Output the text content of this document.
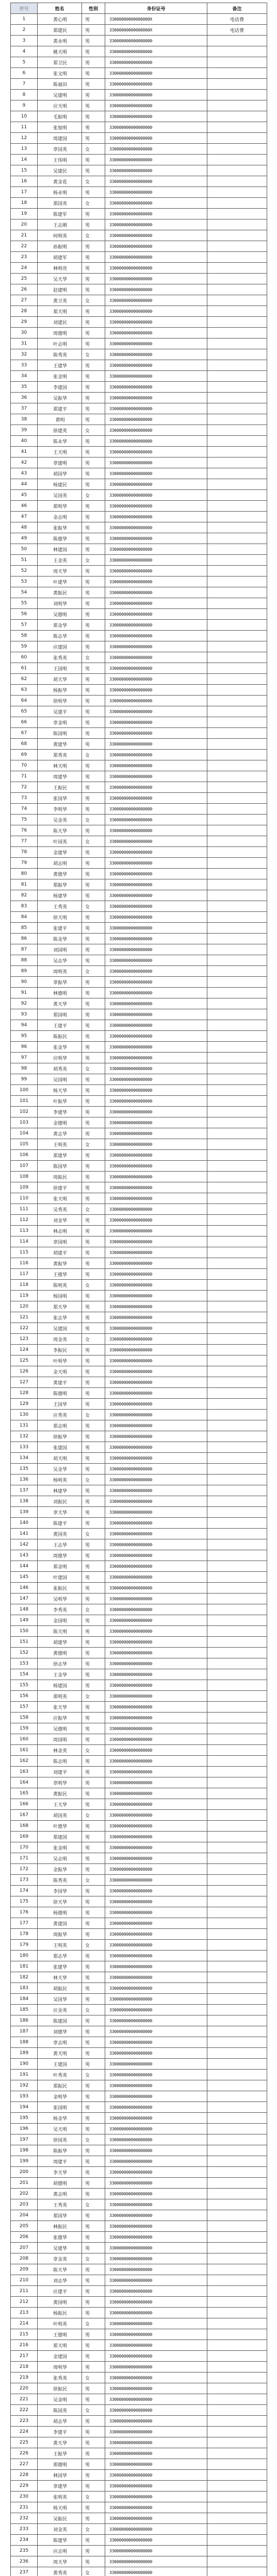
序号	姓名	性别	身份证号	备注
1	黄心明	男	33000000000000000X	电话费
2	郑建民	男	33000000000000000X	电话费
3	黄永明	男	330000000000000000	
4	姚天明	男	330000000000000000	
5	郑卫民	男	330000000000000000	
6	张文明	男	330000000000000000	
7	陈福田	男	330000000000000000	
8	吴建明	男	330000000000000000	
9	应天明	男	330000000000000000	
10	毛振明	男	330000000000000000	
11	张旭明	男	330000000000000000	
12	周建国	男	330000000000000000	
13	章国英	女	330000000000000000	
14	王伟明	男	330000000000000000	
15	吴建民	男	330000000000000000	
16	黄金花	女	330000000000000000	
17	杨永明	男	330000000000000000	
18	郑国英	女	330000000000000000	
19	陈建军	男	330000000000000000	
20	王志刚	男	330000000000000000	
21	何明英	女	330000000000000000	
22	孙振明	男	330000000000000000	
23	胡建军	男	330000000000000000	
24	林明亮	男	330000000000000000	
25	吴天华	男	330000000000000000	
26	赵建明	男	330000000000000000	
27	黄卫英	女	330000000000000000	
28	郑天明	男	330000000000000000	
29	刘建民	男	330000000000000000	
30	周德明	男	330000000000000000	
31	叶志明	男	330000000000000000	
32	陈秀英	女	330000000000000000	
33	王建华	男	330000000000000000	
34	张金明	男	330000000000000000	
35	李建国	男	330000000000000000	
36	吴振华	男	330000000000000000	
37	郑建平	男	330000000000000000	
38	黄明	男	330000000000000000	
39	徐建英	女	330000000000000000	
40	陈永华	男	330000000000000000	
41	王天明	男	330000000000000000	
42	章建明	男	330000000000000000	
43	胡国华	男	330000000000000000	
44	杨建民	男	330000000000000000	
45	吴国英	女	330000000000000000	
46	郑明华	男	330000000000000000	
47	金志明	男	330000000000000000	
48	张振华	男	330000000000000000	
49	陈德华	男	330000000000000000	
50	林建国	男	330000000000000000	
51	王金英	女	330000000000000000	
52	周天华	男	330000000000000000	
53	叶建华	男	330000000000000000	
54	黄振民	男	330000000000000000	
55	刘明华	男	330000000000000000	
56	吴德明	男	330000000000000000	
57	郑金华	男	330000000000000000	
58	陈志华	男	330000000000000000	
59	应建国	男	330000000000000000	
60	张秀英	女	330000000000000000	
61	王国明	男	330000000000000000	
62	胡天华	男	330000000000000000	
63	杨振华	男	330000000000000000	
64	徐明华	男	330000000000000000	
65	吴建平	男	330000000000000000	
66	章金明	男	330000000000000000	
67	陈国明	男	330000000000000000	
68	黄建华	男	330000000000000000	
69	郑秀英	女	330000000000000000	
70	林天明	男	330000000000000000	
71	周建华	男	330000000000000000	
72	王振民	男	330000000000000000	
73	张国华	男	330000000000000000	
74	李明华	男	330000000000000000	
75	吴金英	女	330000000000000000	
76	陈天华	男	330000000000000000	
77	叶国英	女	330000000000000000	
78	金建华	男	330000000000000000	
79	胡志明	男	330000000000000000	
80	黄德华	男	330000000000000000	
81	郑振华	男	330000000000000000	
82	杨建华	男	330000000000000000	
83	王秀英	女	330000000000000000	
84	徐天明	男	330000000000000000	
85	张建平	男	330000000000000000	
86	陈金华	男	330000000000000000	
87	刘国明	男	330000000000000000	
88	吴志华	男	330000000000000000	
89	周明英	女	330000000000000000	
90	章振华	男	330000000000000000	
91	林德明	男	330000000000000000	
92	黄天华	男	330000000000000000	
93	郑国明	男	330000000000000000	
94	王建平	男	330000000000000000	
95	陈振民	男	330000000000000000	
96	张金华	男	330000000000000000	
97	应明华	男	330000000000000000	
98	胡秀英	女	330000000000000000	
99	吴国明	男	330000000000000000	
100	杨天华	男	330000000000000000	
101	叶振华	男	330000000000000000	
102	李建华	男	330000000000000000	
103	金德明	男	330000000000000000	
104	黄志华	男	330000000000000000	
105	王明英	女	330000000000000000	
106	郑建华	男	330000000000000000	
107	陈国华	男	330000000000000000	
108	周振民	男	330000000000000000	
109	徐建平	男	330000000000000000	
110	张天明	男	330000000000000000	
111	吴秀英	女	330000000000000000	
112	刘金华	男	330000000000000000	
113	林志明	男	330000000000000000	
114	章国明	男	330000000000000000	
115	胡建平	男	330000000000000000	
116	黄振华	男	330000000000000000	
117	王德华	男	330000000000000000	
118	陈明英	女	330000000000000000	
119	杨国明	男	330000000000000000	
120	郑天华	男	330000000000000000	
121	张志华	男	330000000000000000	
122	吴建国	男	330000000000000000	
123	周金英	女	330000000000000000	
124	李振民	男	330000000000000000	
125	叶明华	男	330000000000000000	
126	金天明	男	330000000000000000	
127	黄建平	男	330000000000000000	
128	陈德明	男	330000000000000000	
129	王国华	男	330000000000000000	
130	应秀英	女	330000000000000000	
131	郑志明	男	330000000000000000	
132	徐振华	男	330000000000000000	
133	张建国	男	330000000000000000	
134	胡天明	男	330000000000000000	
135	吴金华	男	330000000000000000	
136	杨明英	女	330000000000000000	
137	林建华	男	330000000000000000	
138	刘振民	男	330000000000000000	
139	章天华	男	330000000000000000	
140	陈建平	男	330000000000000000	
141	黄国英	女	330000000000000000	
142	王志华	男	330000000000000000	
143	周德华	男	330000000000000000	
144	郑金明	男	330000000000000000	
145	叶建国	男	330000000000000000	
146	张振民	男	330000000000000000	
147	吴明华	男	330000000000000000	
148	李秀英	女	330000000000000000	
149	金国明	男	330000000000000000	
150	陈天明	男	330000000000000000	
151	胡建华	男	330000000000000000	
152	黄德明	男	330000000000000000	
153	徐志华	男	330000000000000000	
154	王金华	男	330000000000000000	
155	杨建国	男	330000000000000000	
156	郑明英	女	330000000000000000	
157	张天华	男	330000000000000000	
158	应振华	男	330000000000000000	
159	吴德明	男	330000000000000000	
160	周国明	男	330000000000000000	
161	林金英	女	330000000000000000	
162	陈志明	男	330000000000000000	
163	刘建平	男	330000000000000000	
164	章明华	男	330000000000000000	
165	黄振民	男	330000000000000000	
166	王天华	男	330000000000000000	
167	胡国英	女	330000000000000000	
168	叶德华	男	330000000000000000	
169	郑建国	男	330000000000000000	
170	张金明	男	330000000000000000	
171	吴志明	男	330000000000000000	
172	金振华	男	330000000000000000	
173	陈秀英	女	330000000000000000	
174	李国华	男	330000000000000000	
175	徐天华	男	330000000000000000	
176	杨德明	男	330000000000000000	
177	黄建国	男	330000000000000000	
178	周振华	男	330000000000000000	
179	王明英	女	330000000000000000	
180	郑志华	男	330000000000000000	
181	张建华	男	330000000000000000	
182	林天华	男	330000000000000000	
183	胡振民	男	330000000000000000	
184	吴国华	男	330000000000000000	
185	应金英	女	330000000000000000	
186	陈建国	男	330000000000000000	
187	刘德华	男	330000000000000000	
188	章志明	男	330000000000000000	
189	黄天明	男	330000000000000000	
190	王建国	男	330000000000000000	
191	叶秀英	女	330000000000000000	
192	郑振民	男	330000000000000000	
193	金明华	男	330000000000000000	
194	张国明	男	330000000000000000	
195	杨金华	男	330000000000000000	
196	吴天明	男	330000000000000000	
197	徐国英	女	330000000000000000	
198	陈振华	男	330000000000000000	
199	周建平	男	330000000000000000	
200	李天华	男	330000000000000000	
201	胡德明	男	330000000000000000	
202	黄志明	男	330000000000000000	
203	王秀英	女	330000000000000000	
204	郑国华	男	330000000000000000	
205	林振民	男	330000000000000000	
206	张德华	男	330000000000000000	
207	吴建华	男	330000000000000000	
208	章金英	女	330000000000000000	
209	陈天华	男	330000000000000000	
210	刘志华	男	330000000000000000	
211	应建平	男	330000000000000000	
212	黄国明	男	330000000000000000	
213	杨振民	男	330000000000000000	
214	叶明英	女	330000000000000000	
215	王德明	男	330000000000000000	
216	郑天明	男	330000000000000000	
217	金建国	男	330000000000000000	
218	周明华	男	330000000000000000	
219	张秀英	女	330000000000000000	
220	徐振民	男	330000000000000000	
221	吴金明	男	330000000000000000	
222	陈国英	女	330000000000000000	
223	胡志华	男	330000000000000000	
224	李建平	男	330000000000000000	
225	黄天华	男	330000000000000000	
226	王振华	男	330000000000000000	
227	郑德明	男	330000000000000000	
228	林国华	男	330000000000000000	
229	章建华	男	330000000000000000	
230	张明英	女	330000000000000000	
231	杨天明	男	330000000000000000	
232	吴振民	男	330000000000000000	
233	刘金英	女	330000000000000000	
234	陈建华	男	330000000000000000	
235	应志明	男	330000000000000000	
236	周天华	男	330000000000000000	
237	黄秀英	女	330000000000000000	
